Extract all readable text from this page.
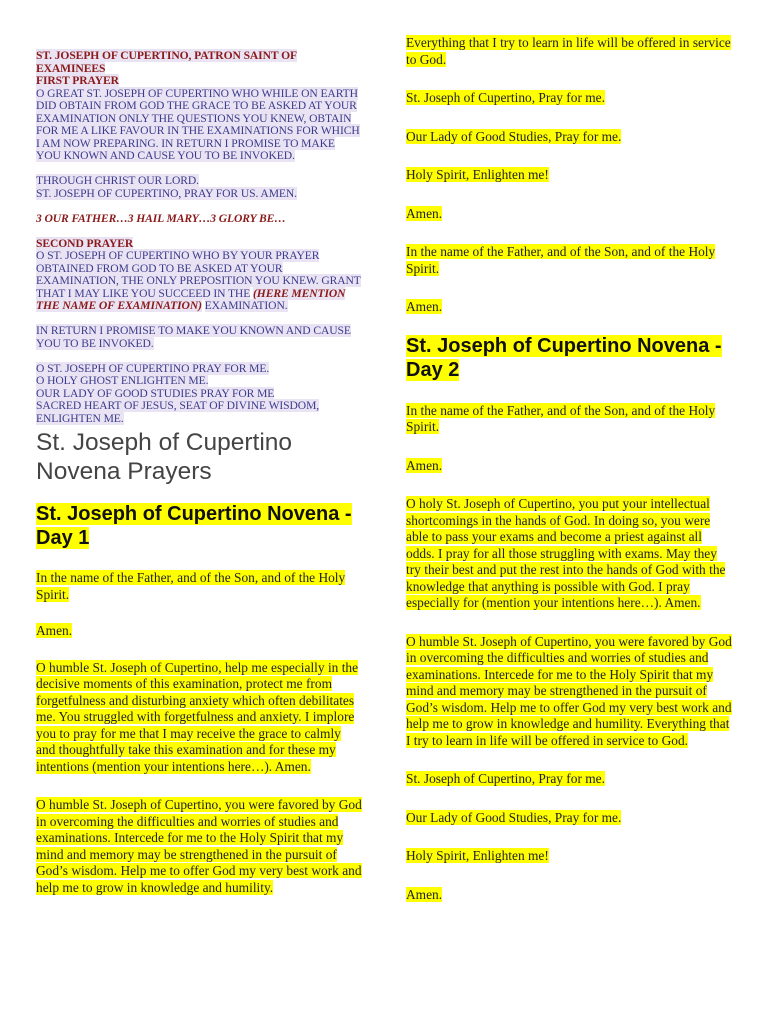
ST. JOSEPH OF CUPERTINO, PATRON SAINT OF EXAMINEES

FIRST PRAYER

O GREAT ST. JOSEPH OF CUPERTINO WHO WHILE ON EARTH DID OBTAIN FROM GOD THE GRACE TO BE ASKED AT YOUR EXAMINATION ONLY THE QUESTIONS YOU KNEW, OBTAIN FOR ME A LIKE FAVOUR IN THE EXAMINATIONS FOR WHICH I AM NOW PREPARING. IN RETURN I PROMISE TO MAKE YOU KNOWN AND CAUSE YOU TO BE INVOKED.

THROUGH CHRIST OUR LORD.

ST. JOSEPH OF CUPERTINO, PRAY FOR US. AMEN.

3 OUR FATHER…3 HAIL MARY…3 GLORY BE…

SECOND PRAYER

O ST. JOSEPH OF CUPERTINO WHO BY YOUR PRAYER OBTAINED FROM GOD TO BE ASKED AT YOUR EXAMINATION, THE ONLY PREPOSITION YOU KNEW. GRANT THAT I MAY LIKE YOU SUCCEED IN THE (HERE MENTION THE NAME OF EXAMINATION) EXAMINATION.

IN RETURN I PROMISE TO MAKE YOU KNOWN AND CAUSE YOU TO BE INVOKED.

O ST. JOSEPH OF CUPERTINO PRAY FOR ME.

O HOLY GHOST ENLIGHTEN ME.

OUR LADY OF GOOD STUDIES PRAY FOR ME

SACRED HEART OF JESUS, SEAT OF DIVINE WISDOM, ENLIGHTEN ME.

St. Joseph of Cupertino Novena Prayers
St. Joseph of Cupertino Novena - Day 1

In the name of the Father, and of the Son, and of the Holy Spirit.

Amen.

O humble St. Joseph of Cupertino, help me especially in the decisive moments of this examination, protect me from forgetfulness and disturbing anxiety which often debilitates me. You struggled with forgetfulness and anxiety. I implore you to pray for me that I may receive the grace to calmly and thoughtfully take this examination and for these my intentions (mention your intentions here…). Amen.

O humble St. Joseph of Cupertino, you were favored by God in overcoming the difficulties and worries of studies and examinations. Intercede for me to the Holy Spirit that my mind and memory may be strengthened in the pursuit of God’s wisdom. Help me to offer God my very best work and help me to grow in knowledge and humility.

Everything that I try to learn in life will be offered in service to God.

St. Joseph of Cupertino, Pray for me.

Our Lady of Good Studies, Pray for me.

Holy Spirit, Enlighten me!

Amen.

In the name of the Father, and of the Son, and of the Holy Spirit.

Amen.

St. Joseph of Cupertino Novena - Day 2

In the name of the Father, and of the Son, and of the Holy Spirit.

Amen.

O holy St. Joseph of Cupertino, you put your intellectual shortcomings in the hands of God. In doing so, you were able to pass your exams and become a priest against all odds. I pray for all those struggling with exams. May they try their best and put the rest into the hands of God with the knowledge that anything is possible with God. I pray especially for (mention your intentions here…). Amen.

O humble St. Joseph of Cupertino, you were favored by God in overcoming the difficulties and worries of studies and examinations. Intercede for me to the Holy Spirit that my mind and memory may be strengthened in the pursuit of God’s wisdom. Help me to offer God my very best work and help me to grow in knowledge and humility. Everything that I try to learn in life will be offered in service to God.

St. Joseph of Cupertino, Pray for me.

Our Lady of Good Studies, Pray for me.

Holy Spirit, Enlighten me!

Amen.
